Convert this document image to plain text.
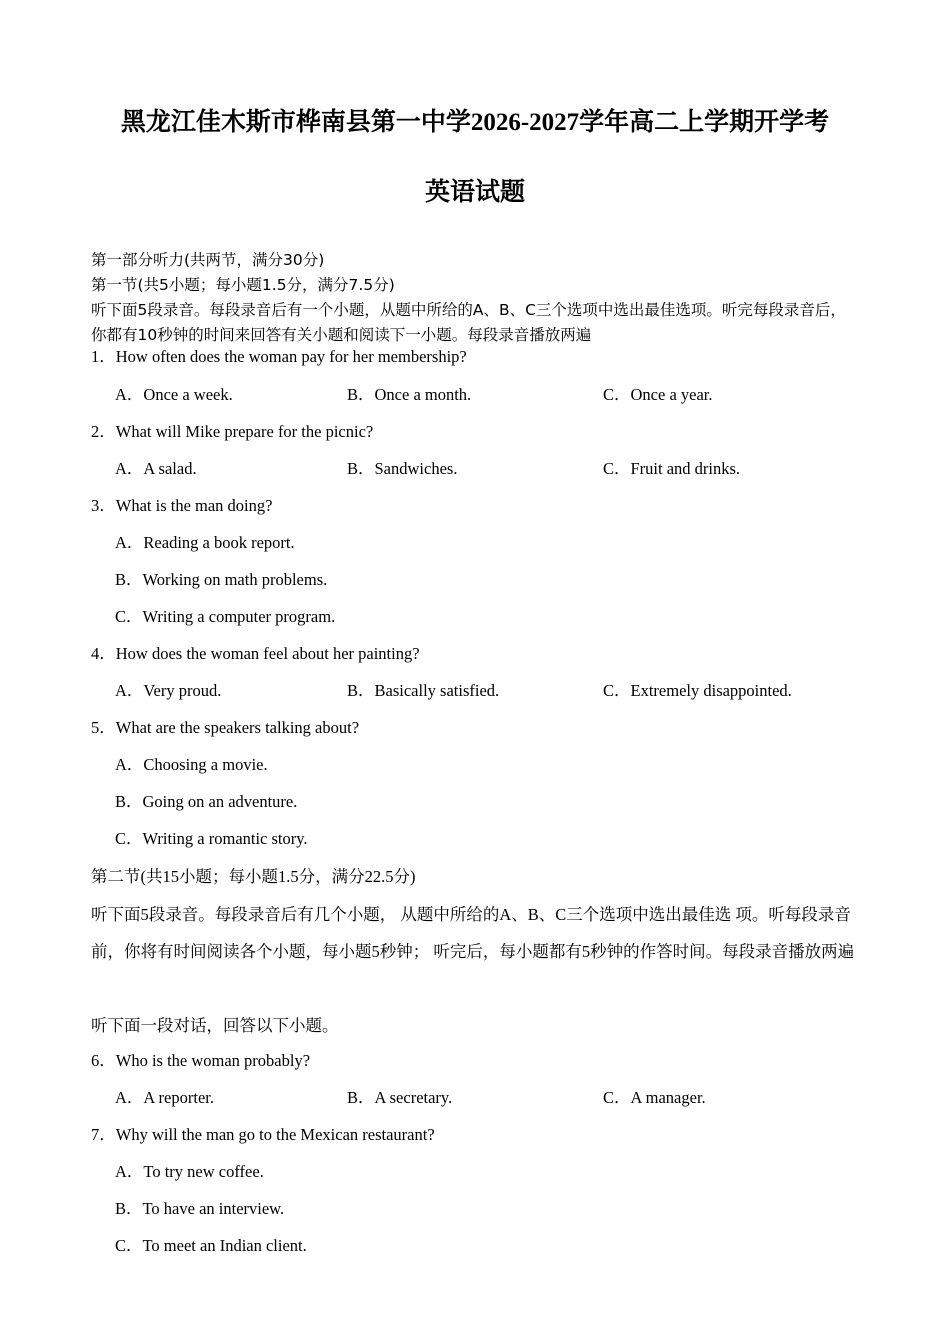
黑龙江佳木斯市桦南县第一中学2026-2027学年高二上学期开学考
英语试题
第一部分听力(共两节，满分30分)
第一节(共5小题；每小题1.5分，满分7.5分)
听下面5段录音。每段录音后有一个小题，从题中所给的A、B、C三个选项中选出最佳选项。听完每段录音后，你都有10秒钟的时间来回答有关小题和阅读下一小题。每段录音播放两遍
1．How often does the woman pay for her membership?
A．Once a week.	B．Once a month.	C．Once a year.
2．What will Mike prepare for the picnic?
A．A salad.	B．Sandwiches.	C．Fruit and drinks.
3．What is the man doing?
A．Reading a book report.
B．Working on math problems.
C．Writing a computer program.
4．How does the woman feel about her painting?
A．Very proud.	B．Basically satisfied.	C．Extremely disappointed.
5．What are the speakers talking about?
A．Choosing a movie.
B．Going on an adventure.
C．Writing a romantic story.
第二节(共15小题；每小题1.5分，满分22.5分)
听下面5段录音。每段录音后有几个小题， 从题中所给的A、B、C三个选项中选出最佳选 项。听每段录音前，你将有时间阅读各个小题，每小题5秒钟； 听完后，每小题都有5秒钟的作答时间。每段录音播放两遍
听下面一段对话，回答以下小题。
6．Who is the woman probably?
A．A reporter.	B．A secretary.	C．A manager.
7．Why will the man go to the Mexican restaurant?
A．To try new coffee.
B．To have an interview.
C．To meet an Indian client.
